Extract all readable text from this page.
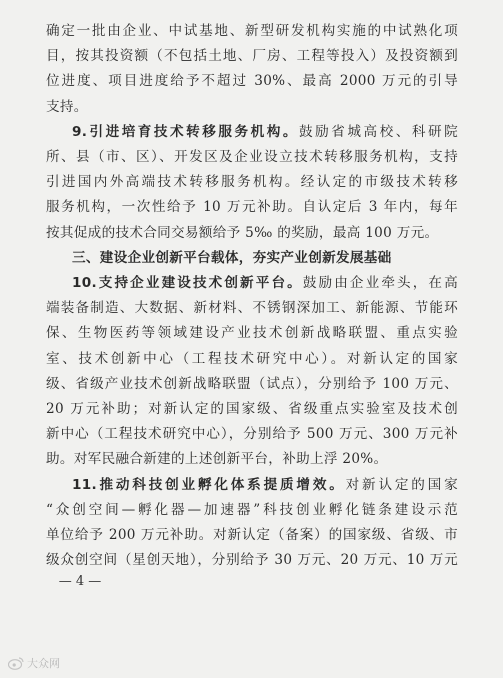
确定一批由企业、中试基地、新型研发机构实施的中试熟化项
目，按其投资额（不包括土地、厂房、工程等投入）及投资额到
位进度、项目进度给予不超过 30%、最高 2000 万元的引导
支持。
9.引进培育技术转移服务机构。鼓励省城高校、科研院
所、县（市、区）、开发区及企业设立技术转移服务机构，支持
引进国内外高端技术转移服务机构。经认定的市级技术转移
服务机构，一次性给予 10 万元补助。自认定后 3 年内，每年
按其促成的技术合同交易额给予 5‰ 的奖励，最高 100 万元。
三、建设企业创新平台载体，夯实产业创新发展基础
10.支持企业建设技术创新平台。鼓励由企业牵头，在高
端装备制造、大数据、新材料、不锈钢深加工、新能源、节能环
保、生物医药等领域建设产业技术创新战略联盟、重点实验
室、技术创新中心（工程技术研究中心）。对新认定的国家
级、省级产业技术创新战略联盟（试点），分别给予 100 万元、
20 万元补助；对新认定的国家级、省级重点实验室及技术创
新中心（工程技术研究中心），分别给予 500 万元、300 万元补
助。对军民融合新建的上述创新平台，补助上浮 20%。
11.推动科技创业孵化体系提质增效。对新认定的国家
“众创空间—孵化器—加速器”科技创业孵化链条建设示范
单位给予 200 万元补助。对新认定（备案）的国家级、省级、市
级众创空间（星创天地），分别给予 30 万元、20 万元、10 万元
— 4 —
大众网
